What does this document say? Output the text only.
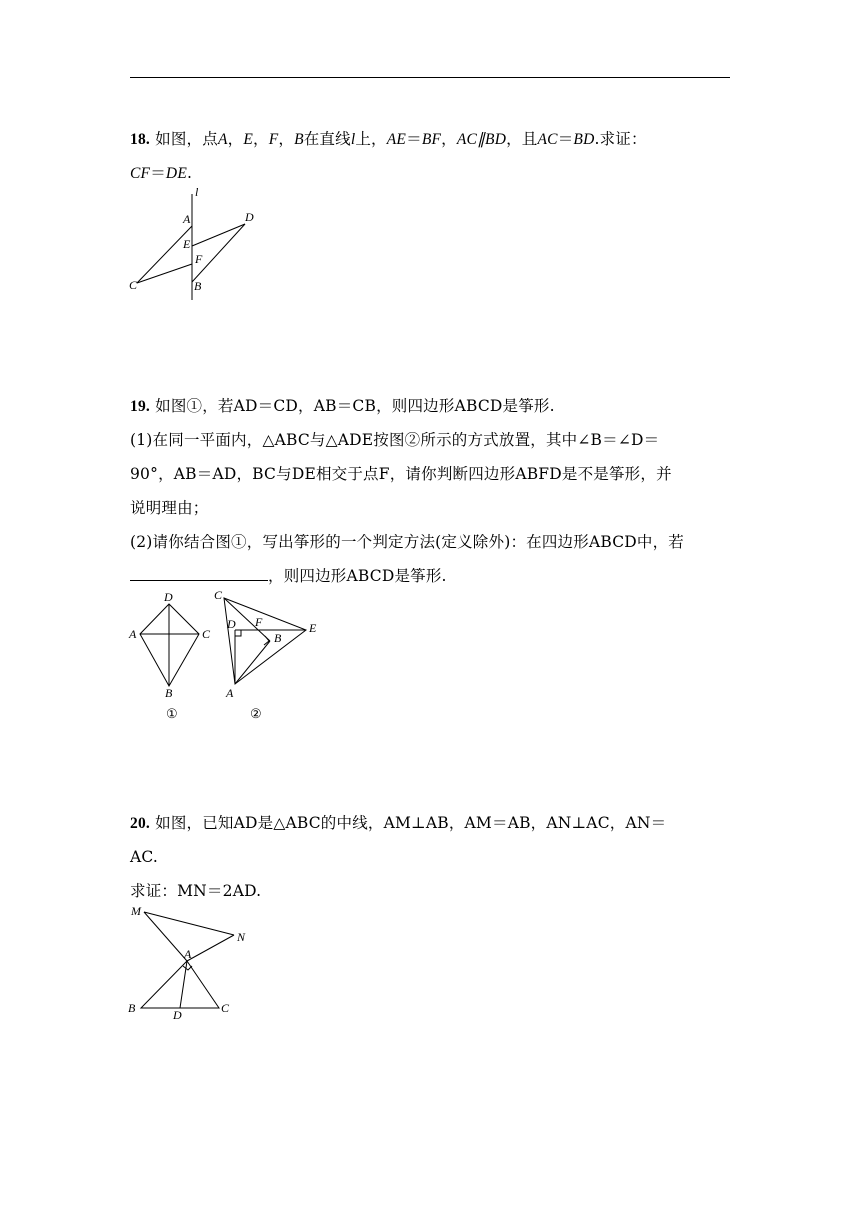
18. 如图，点A，E，F，B在直线l上，AE＝BF，AC∥BD，且AC＝BD.求证：

CF＝DE.

l
A	D
E
F
C	B

19. 如图①，若AD＝CD，AB＝CB，则四边形ABCD是筝形.

(1)在同一平面内，△ABC与△ADE按图②所示的方式放置，其中∠B＝∠D＝

90°，AB＝AD，BC与DE相交于点F，请你判断四边形ABFD是不是筝形，并

说明理由；

(2)请你结合图①，写出筝形的一个判定方法(定义除外)：在四边形ABCD中，若

，则四边形ABCD是筝形.

D
A	C
B
①
C
D F
B
E
A
②

20. 如图，已知AD是△ABC的中线，AM⊥AB，AM＝AB，AN⊥AC，AN＝

AC.

求证：MN＝2AD.

M
N
A
B	D	C
